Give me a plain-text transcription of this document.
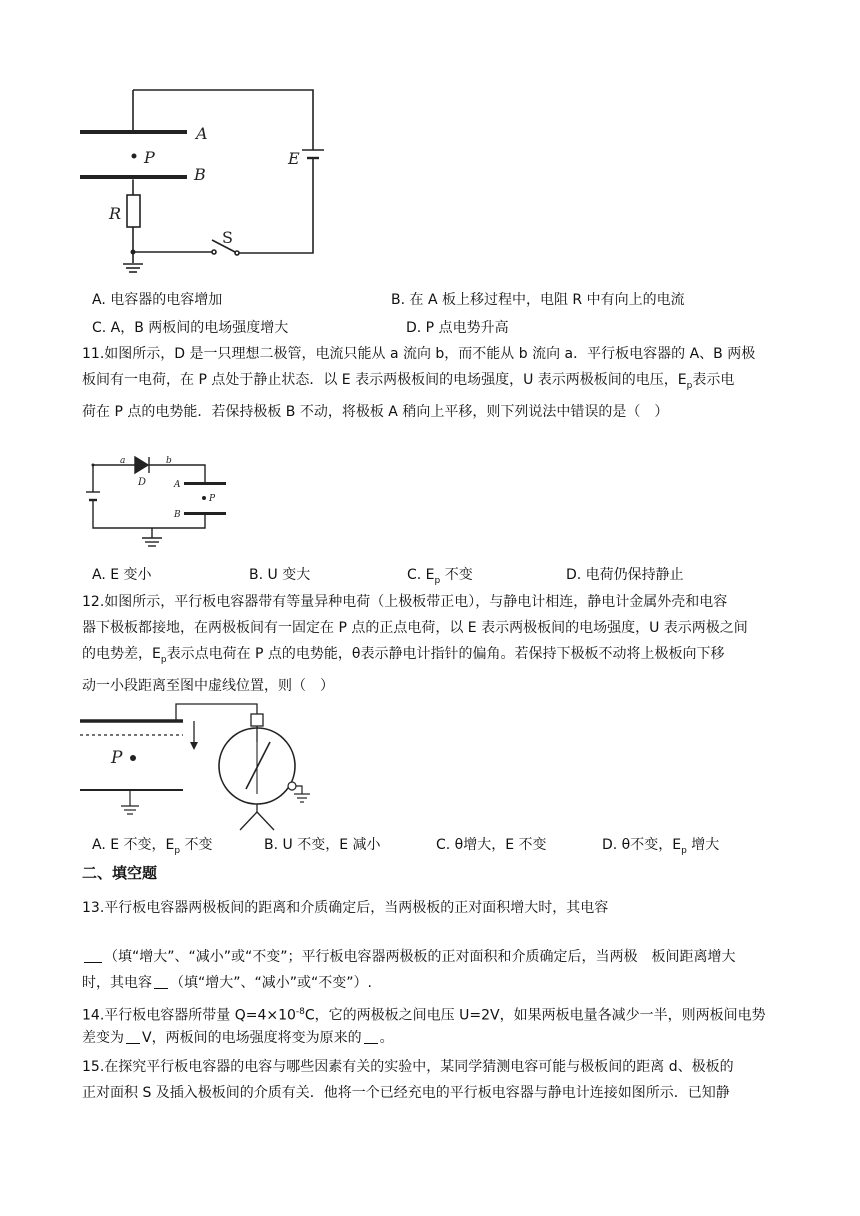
A
P
B
E
R
S
A. 电容器的电容增加	B. 在 A 板上移过程中，电阻 R 中有向上的电流
C. A，B 两板间的电场强度增大	D. P 点电势升高
11.如图所示，D 是一只理想二极管，电流只能从 a 流向 b，而不能从 b 流向 a．平行板电容器的 A、B 两极
板间有一电荷，在 P 点处于静止状态．以 E 表示两极板间的电场强度，U 表示两极板间的电压，$E_p$表示电
荷在 P 点的电势能．若保持极板 B 不动，将极板 A 稍向上平移，则下列说法中错误的是（　）
a	b
D	A
B
P
A. E 变小	B. U 变大	C. $E_p$ 不变	D. 电荷仍保持静止
12.如图所示，平行板电容器带有等量异种电荷（上极板带正电），与静电计相连，静电计金属外壳和电容
器下极板都接地，在两极板间有一固定在 P 点的正点电荷，以 E 表示两极板间的电场强度，U 表示两极之间
的电势差，$E_p$表示点电荷在 P 点的电势能，θ表示静电计指针的偏角。若保持下极板不动将上极板向下移
动一小段距离至图中虚线位置，则（　）
P
A. E 不变，$E_p$ 不变	B. U 不变，E 减小	C. θ增大，E 不变	D. θ不变，$E_p$ 增大
二、填空题
13.平行板电容器两极板间的距离和介质确定后，当两极板的正对面积增大时，其电容
（填“增大”、“减小”或“不变”；平行板电容器两极板的正对面积和介质确定后，当两极　板间距离增大
时，其电容 （填“增大”、“减小”或“不变”）.
14.平行板电容器所带量 $Q=4\times 10^{-8}C$，它的两极板之间电压 U=2V，如果两板电量各减少一半，则两板间电势
差变为 V，两板间的电场强度将变为原来的 。
15.在探究平行板电容器的电容与哪些因素有关的实验中，某同学猜测电容可能与极板间的距离 d、极板的
正对面积 S 及插入极板间的介质有关．他将一个已经充电的平行板电容器与静电计连接如图所示．已知静
